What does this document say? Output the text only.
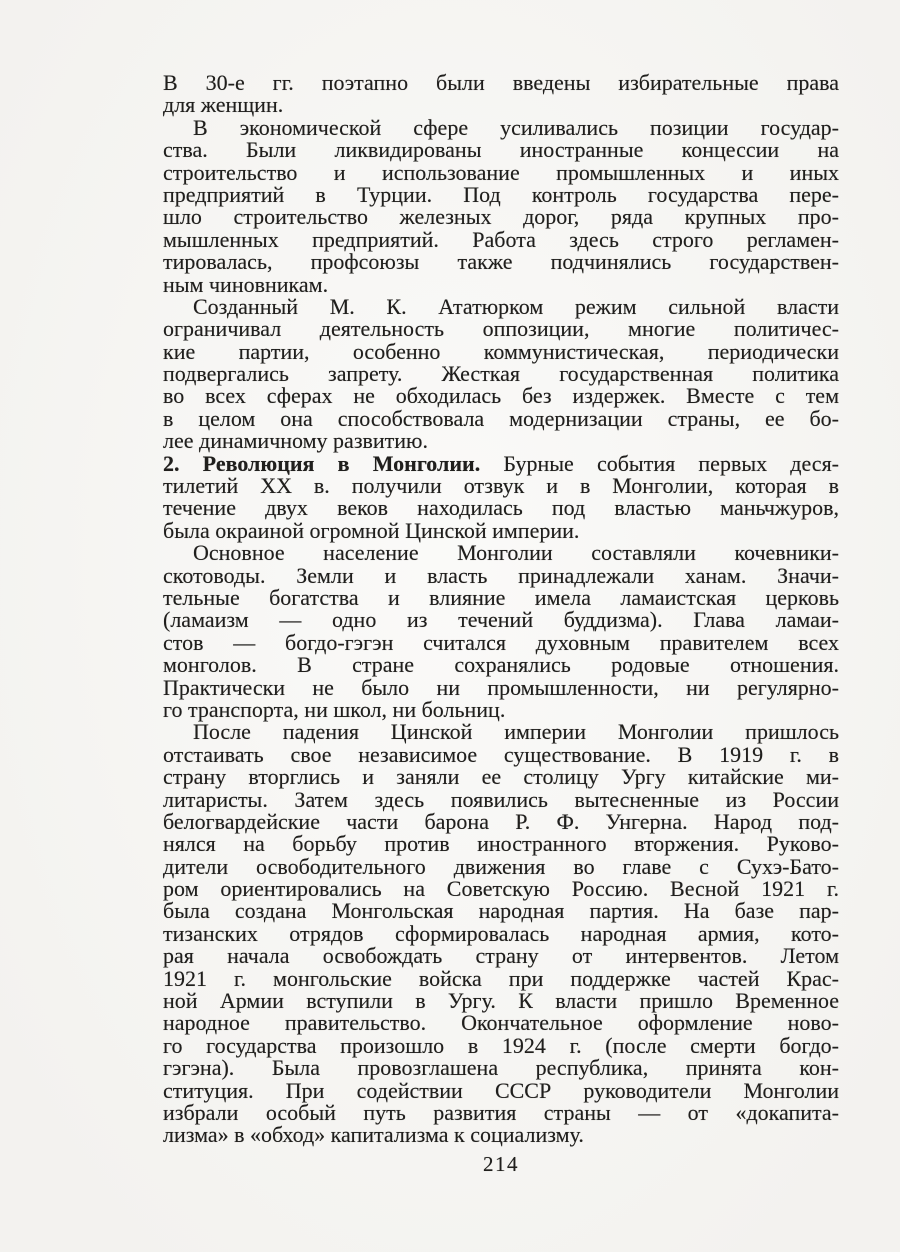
В 30-е гг. поэтапно были введены избирательные права
для женщин.
В экономической сфере усиливались позиции государ-
ства. Были ликвидированы иностранные концессии на
строительство и использование промышленных и иных
предприятий в Турции. Под контроль государства пере-
шло строительство железных дорог, ряда крупных про-
мышленных предприятий. Работа здесь строго регламен-
тировалась, профсоюзы также подчинялись государствен-
ным чиновникам.
Созданный М. К. Ататюрком режим сильной власти
ограничивал деятельность оппозиции, многие политичес-
кие партии, особенно коммунистическая, периодически
подвергались запрету. Жесткая государственная политика
во всех сферах не обходилась без издержек. Вместе с тем
в целом она способствовала модернизации страны, ее бо-
лее динамичному развитию.
2. Революция в Монголии. Бурные события первых деся-
тилетий XX в. получили отзвук и в Монголии, которая в
течение двух веков находилась под властью маньчжуров,
была окраиной огромной Цинской империи.
Основное население Монголии составляли кочевники-
скотоводы. Земли и власть принадлежали ханам. Значи-
тельные богатства и влияние имела ламаистская церковь
(ламаизм — одно из течений буддизма). Глава ламаи-
стов — богдо-гэгэн считался духовным правителем всех
монголов. В стране сохранялись родовые отношения.
Практически не было ни промышленности, ни регулярно-
го транспорта, ни школ, ни больниц.
После падения Цинской империи Монголии пришлось
отстаивать свое независимое существование. В 1919 г. в
страну вторглись и заняли ее столицу Ургу китайские ми-
литаристы. Затем здесь появились вытесненные из России
белогвардейские части барона Р. Ф. Унгерна. Народ под-
нялся на борьбу против иностранного вторжения. Руково-
дители освободительного движения во главе с Сухэ-Бато-
ром ориентировались на Советскую Россию. Весной 1921 г.
была создана Монгольская народная партия. На базе пар-
тизанских отрядов сформировалась народная армия, кото-
рая начала освобождать страну от интервентов. Летом
1921 г. монгольские войска при поддержке частей Крас-
ной Армии вступили в Ургу. К власти пришло Временное
народное правительство. Окончательное оформление ново-
го государства произошло в 1924 г. (после смерти богдо-
гэгэна). Была провозглашена республика, принята кон-
ституция. При содействии СССР руководители Монголии
избрали особый путь развития страны — от «докапита-
лизма» в «обход» капитализма к социализму.
214
